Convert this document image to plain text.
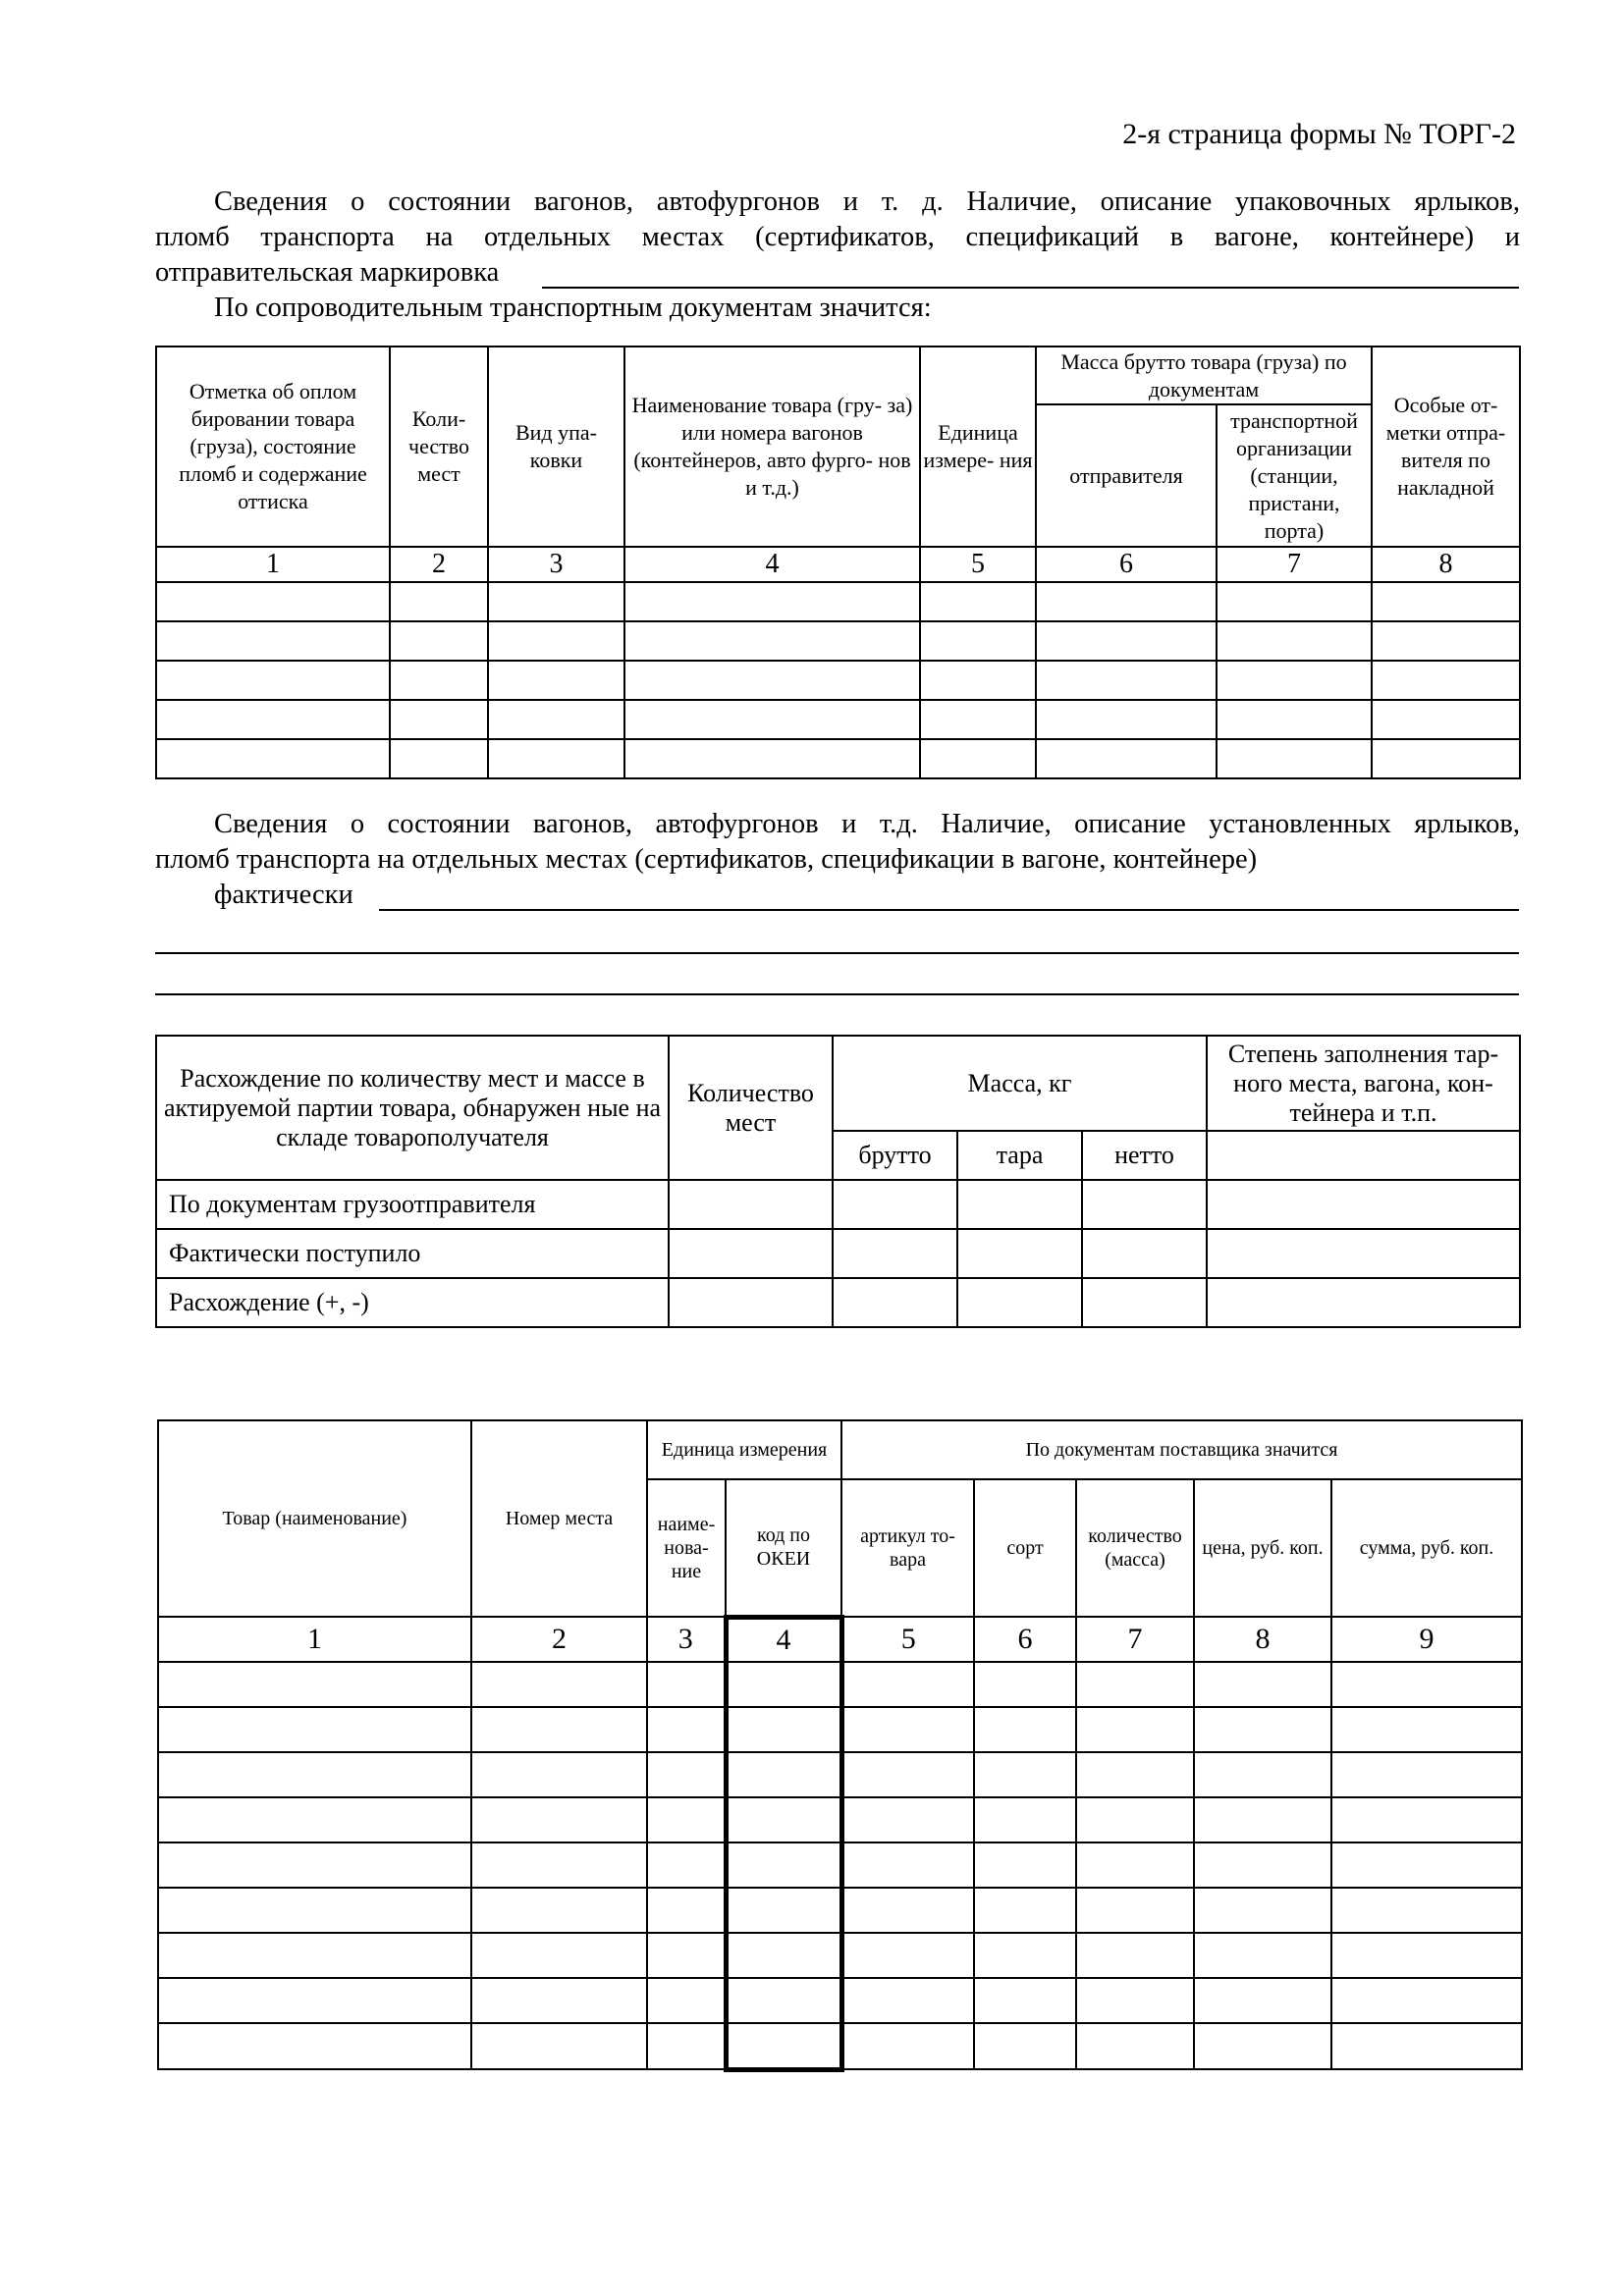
2-я страница формы № ТОРГ-2

Сведения о состоянии вагонов, автофургонов и т. д. Наличие, описание упаковочных ярлыков,

пломб транспорта на отдельных местах (сертификатов, спецификаций в вагоне, контейнере) и

отправительская маркировка

По сопроводительным транспортным документам значится:

Отметка об оплом бировании товара (груза), состояние пломб и содержание оттиска	Коли- чество мест	Вид упа- ковки	Наименование товара (гру- за) или номера вагонов (контейнеров, авто фурго- нов и т.д.)	Единица измере- ния	Масса брутто товара (груза) по документам		Особые от- метки отпра- вителя по накладной
					отправителя	транспортной организации (станции, пристани, порта)	
1	2	3	4	5	6	7	8

Сведения о состоянии вагонов, автофургонов и т.д. Наличие, описание установленных ярлыков,

пломб транспорта на отдельных местах (сертификатов, спецификации в вагоне, контейнере)

фактически

Расхождение по количеству мест и массе в актируемой партии товара, обнаружен ные на складе товарополучателя	Количество мест	Масса, кг			Степень заполнения тар- ного места, вагона, кон- тейнера и т.п.
		брутто	тара	нетто	
По документам грузоотправителя					
Фактически поступило					
Расхождение (+, -)					
Товар (наименование)	Номер места	Единица измерения		По документам поставщика значится				
		наиме- нова- ние	код по ОКЕИ	артикул то- вара	сорт	количество (масса)	цена, руб. коп.	сумма, руб. коп.
1	2	3	4	5	6	7	8	9
